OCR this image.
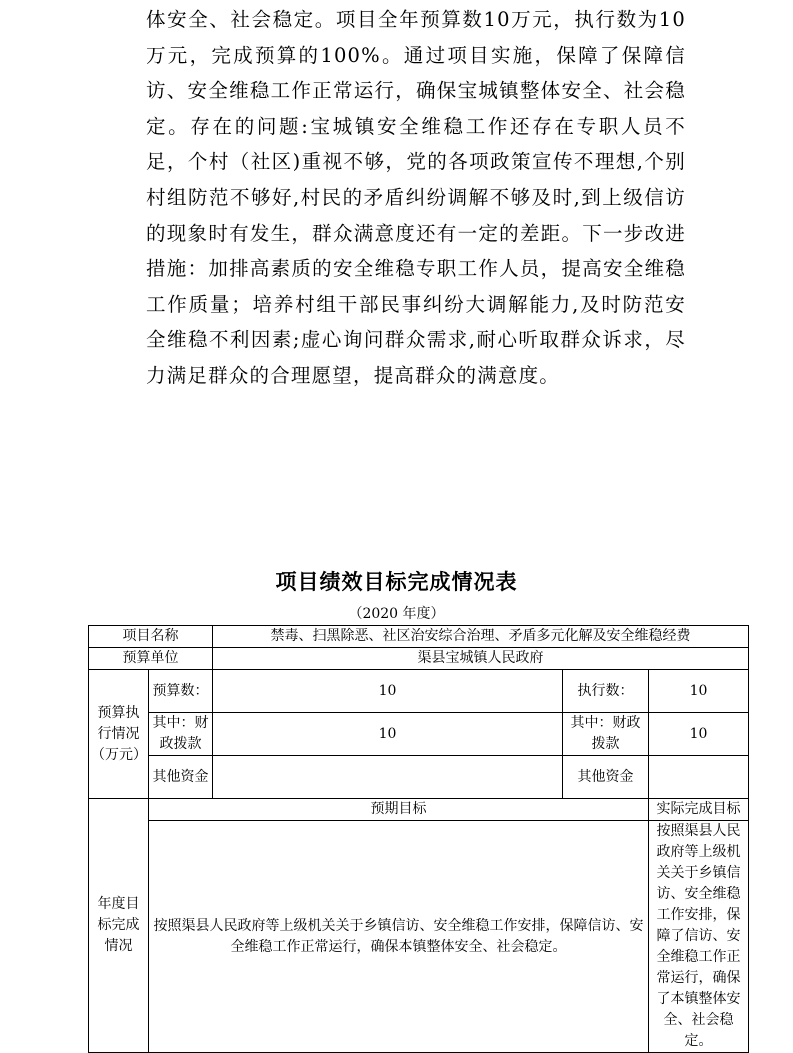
体安全、社会稳定。项目全年预算数10万元，执行数为10万元，完成预算的100%。通过项目实施，保障了保障信访、安全维稳工作正常运行，确保宝城镇整体安全、社会稳定。存在的问题:宝城镇安全维稳工作还存在专职人员不足，个村（社区)重视不够，党的各项政策宣传不理想,个别村组防范不够好,村民的矛盾纠纷调解不够及时,到上级信访的现象时有发生，群众满意度还有一定的差距。下一步改进措施：加排高素质的安全维稳专职工作人员，提高安全维稳工作质量；培养村组干部民事纠纷大调解能力,及时防范安全维稳不利因素;虚心询问群众需求,耐心听取群众诉求，尽力满足群众的合理愿望，提高群众的满意度。

项目绩效目标完成情况表
（2020 年度）
项目名称		禁毒、扫黑除恶、社区治安综合治理、矛盾多元化解及安全维稳经费		
预算单位		渠县宝城镇人民政府		
预算执行情况（万元）	预算数：	10	执行数：	10
	其中：财政拨款	10	其中：财政拨款	10
	其他资金		其他资金	
年度目标完成情况	预期目标			实际完成目标
	按照渠县人民政府等上级机关关于乡镇信访、安全维稳工作安排，保障信访、安全维稳工作正常运行，确保本镇整体安全、社会稳定。			按照渠县人民政府等上级机关关于乡镇信访、安全维稳工作安排，保障了信访、安全维稳工作正常运行，确保了本镇整体安全、社会稳定。
